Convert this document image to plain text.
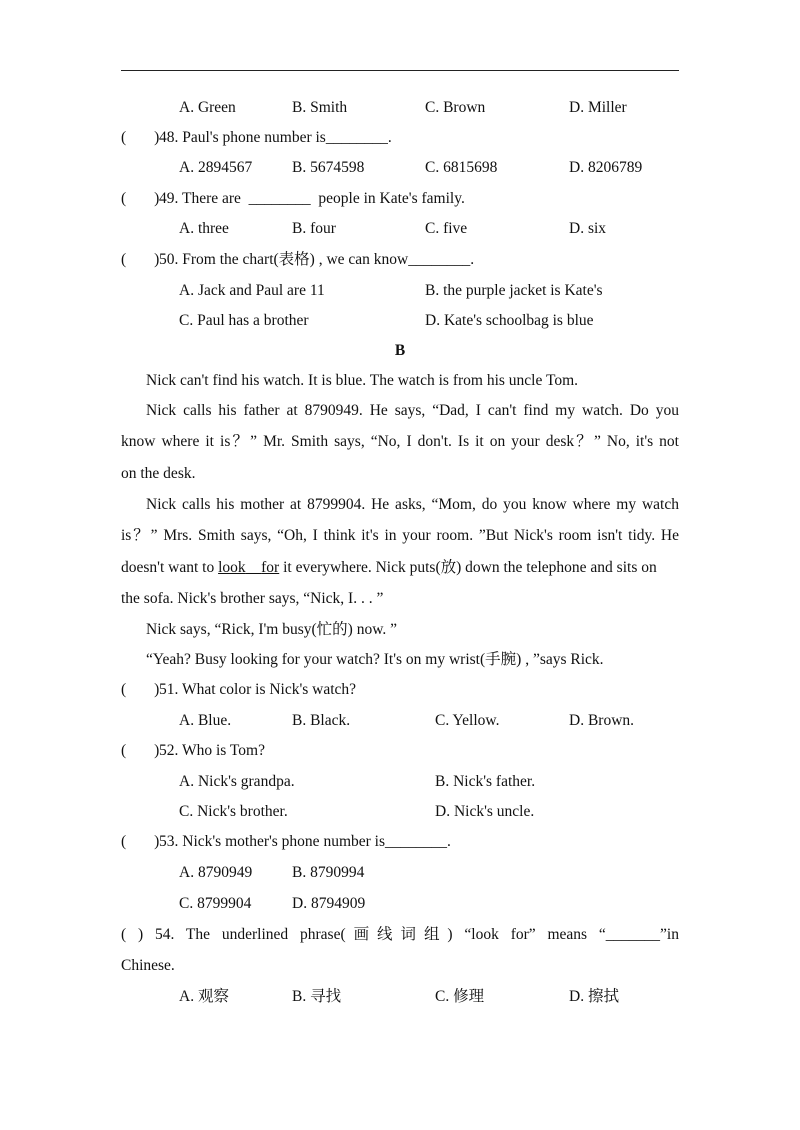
A. Green	B. Smith	C. Brown	D. Miller
( )48. Paul's phone number is________.
A. 2894567	B. 5674598	C. 6815698	D. 8206789
( )49. There are  ________  people in Kate's family.
A. three	B. four	C. five	D. six
( )50. From the chart(表格) , we can know________.
A. Jack and Paul are 11	B. the purple jacket is Kate's
C. Paul has a brother	D. Kate's schoolbag is blue
B
Nick can't find his watch. It is blue. The watch is from his uncle Tom.
Nick calls his father at 8790949. He says, “Dad, I can't find my watch. Do you
know where it is？” Mr. Smith says, “No, I don't. Is it on your desk？” No, it's not
on the desk.
Nick calls his mother at 8799904. He asks, “Mom, do you know where my watch
is？” Mrs. Smith says, “Oh, I think it's in your room. ”But Nick's room isn't tidy. He
doesn't want to look for it everywhere. Nick puts(放) down the telephone and sits on
the sofa. Nick's brother says, “Nick, I. . . ”
Nick says, “Rick, I'm busy(忙的) now. ”
“Yeah? Busy looking for your watch? It's on my wrist(手腕) , ”says Rick.
( )51. What color is Nick's watch?
A. Blue.	B. Black.	C. Yellow.	D. Brown.
( )52. Who is Tom?
A. Nick's grandpa.	B. Nick's father.
C. Nick's brother.	D. Nick's uncle.
( )53. Nick's mother's phone number is________.
A. 8790949	B. 8790994
C. 8799904	D. 8794909
( ) 54. The underlined phrase(画线词组) “look for” means “_______”in
Chinese.
A. 观察	B. 寻找	C. 修理	D. 擦拭
